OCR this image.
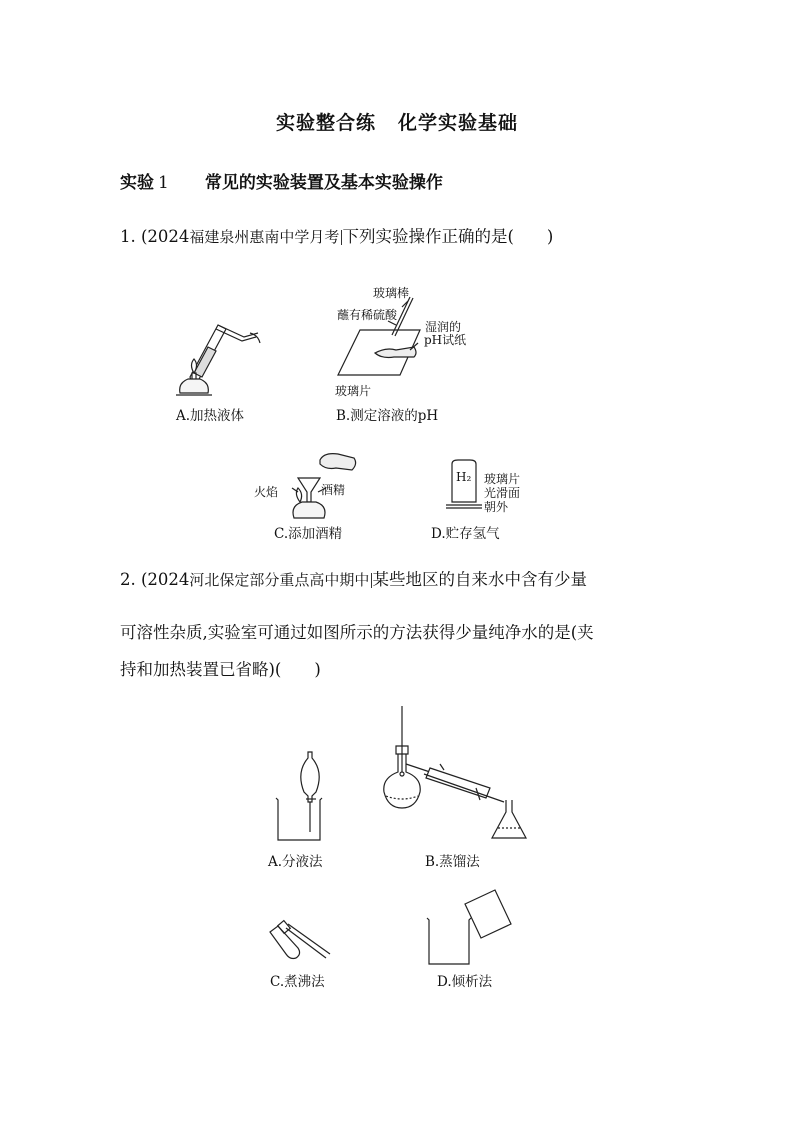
实验整合练 化学实验基础
实验 1 常见的实验装置及基本实验操作
1. (2024福建泉州惠南中学月考 下列实验操作正确的是(　　)
A.加热液体
玻璃棒
蘸有稀硫酸
湿润的
pH试纸
玻璃片
B.测定溶液的pH
火焰	酒精
C.添加酒精
H₂ 玻璃片
光滑面
朝外
D.贮存氢气
2. (2024河北保定部分重点高中期中 某些地区的自来水中含有少量
可溶性杂质,实验室可通过如图所示的方法获得少量纯净水的是(夹
持和加热装置已省略)(　　)
A.分液法	B.蒸馏法
C.煮沸法	D.倾析法
